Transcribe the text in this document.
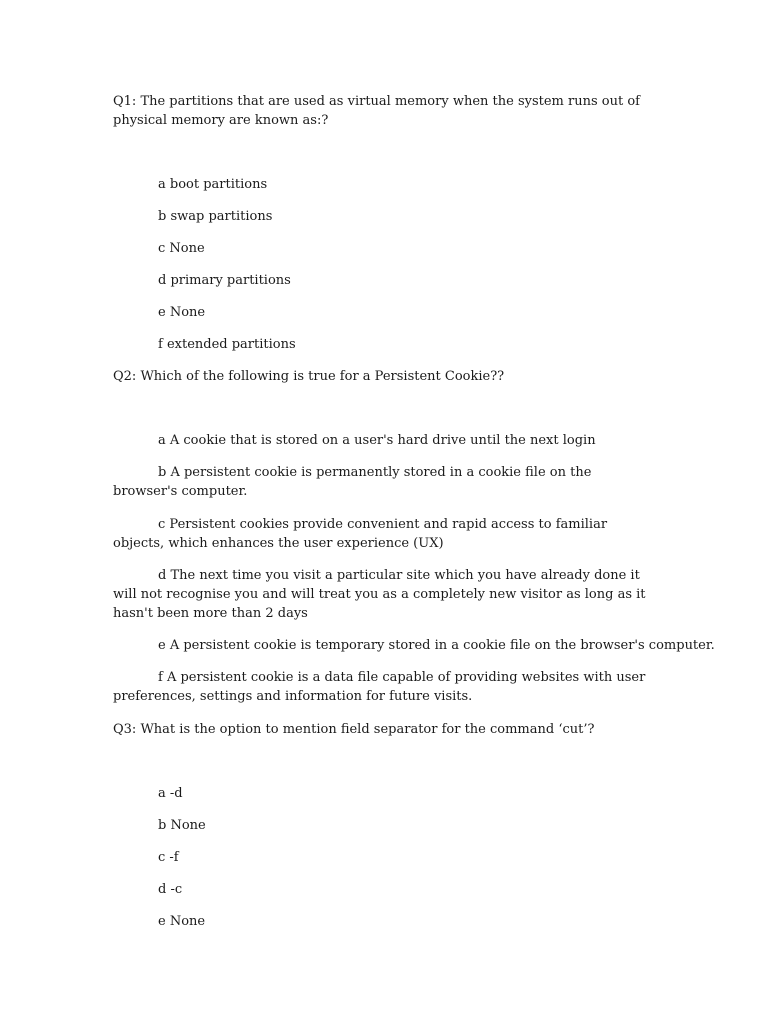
Q1: The partitions that are used as virtual memory when the system runs out of physical memory are known as:?

a boot partitions

b swap partitions

c None

d primary partitions

e None

f extended partitions

Q2: Which of the following is true for a Persistent Cookie??

a A cookie that is stored on a user's hard drive until the next login

b A persistent cookie is permanently stored in a cookie file on the browser's computer.

c Persistent cookies provide convenient and rapid access to familiar objects, which enhances the user experience (UX)

d The next time you visit a particular site which you have already done it will not recognise you and will treat you as a completely new visitor as long as it hasn't been more than 2 days

e A persistent cookie is temporary stored in a cookie file on the browser's computer.

f A persistent cookie is a data file capable of providing websites with user preferences, settings and information for future visits.

Q3: What is the option to mention field separator for the command ‘cut’?

a -d

b None

c -f

d -c

e None
